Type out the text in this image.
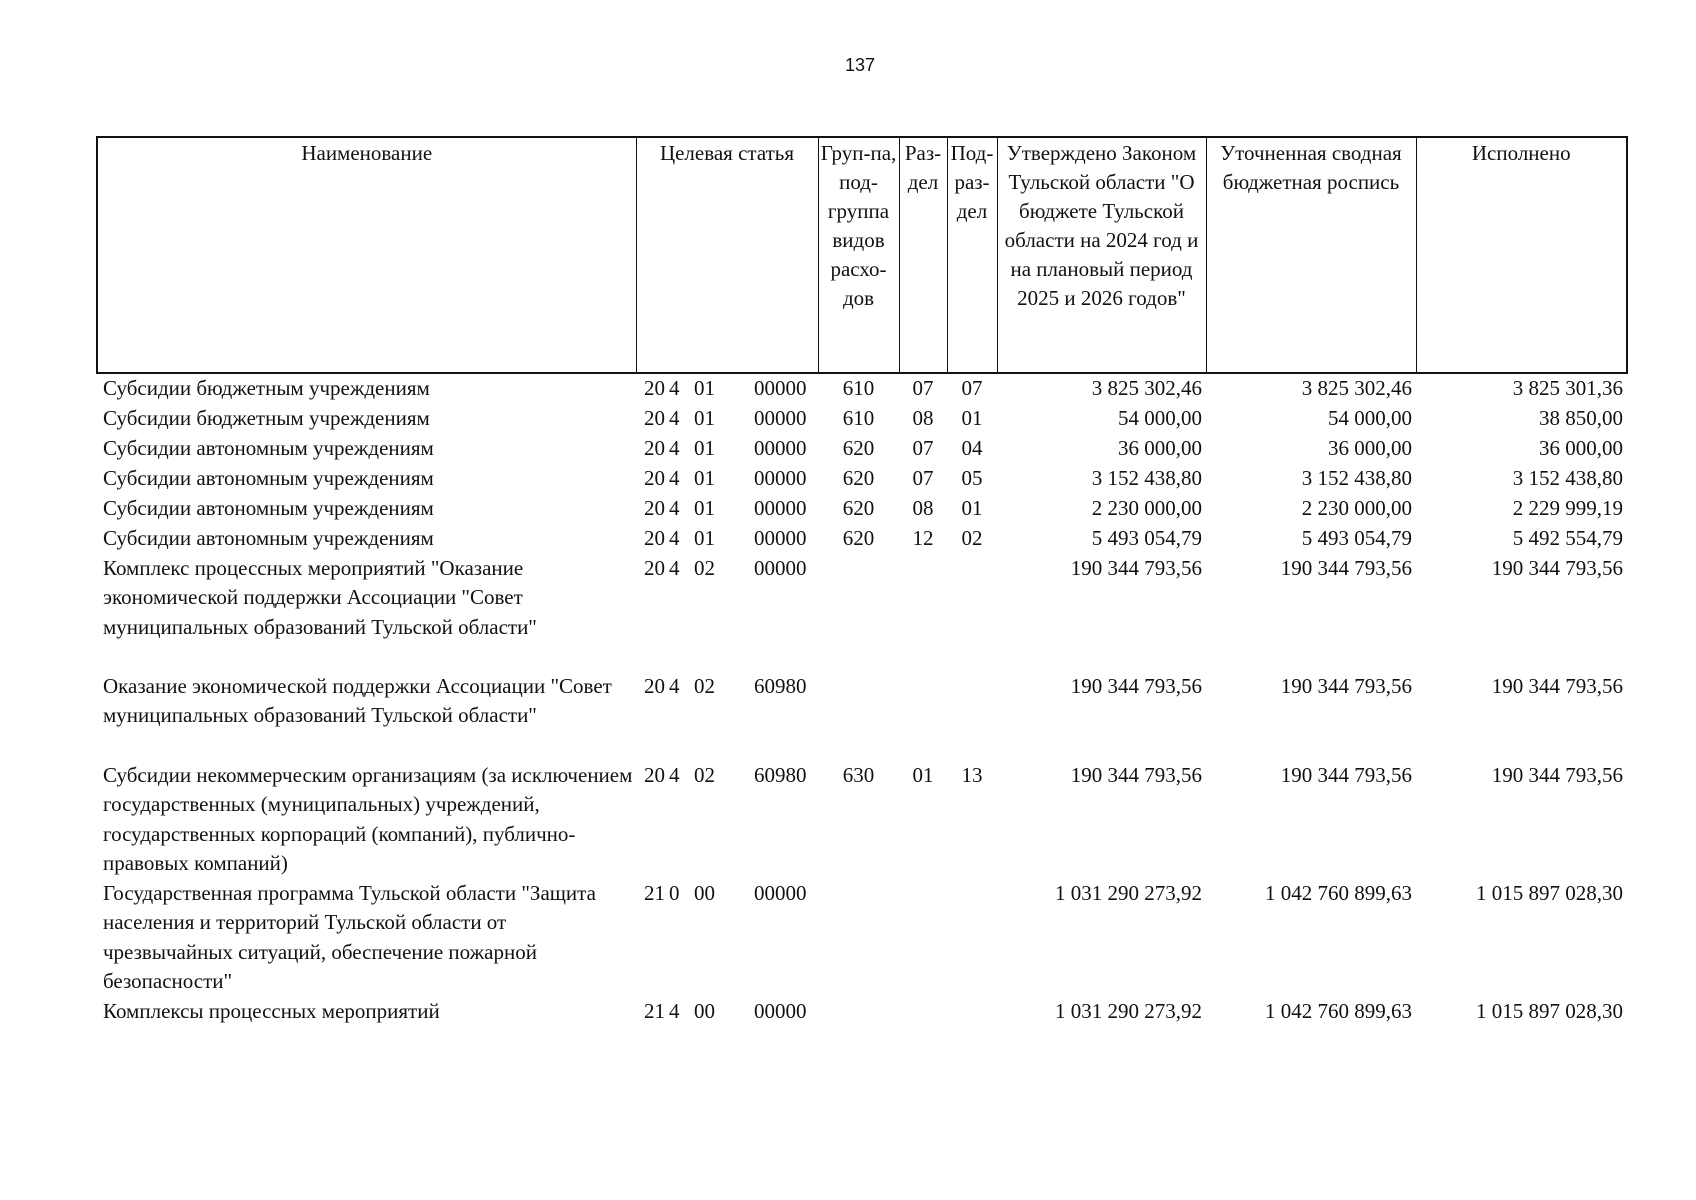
137
Наименование	Целевая статья	Груп-па, под-группа видов расхо-дов	Раз-дел	Под-раз-дел	Утверждено Законом Тульской области "О бюджете Тульской области на 2024 год и на плановый период 2025 и 2026 годов"	Уточненная сводная бюджетная роспись	Исполнено
Субсидии бюджетным учреждениям	20 4 01 00000	610	07	07	3 825 302,46	3 825 302,46	3 825 301,36
Субсидии бюджетным учреждениям	20 4 01 00000	610	08	01	54 000,00	54 000,00	38 850,00
Субсидии автономным учреждениям	20 4 01 00000	620	07	04	36 000,00	36 000,00	36 000,00
Субсидии автономным учреждениям	20 4 01 00000	620	07	05	3 152 438,80	3 152 438,80	3 152 438,80
Субсидии автономным учреждениям	20 4 01 00000	620	08	01	2 230 000,00	2 230 000,00	2 229 999,19
Субсидии автономным учреждениям	20 4 01 00000	620	12	02	5 493 054,79	5 493 054,79	5 492 554,79
Комплекс процессных мероприятий "Оказание экономической поддержки Ассоциации "Совет муниципальных образований Тульской области"	20 4 02 00000				190 344 793,56	190 344 793,56	190 344 793,56
Оказание экономической поддержки Ассоциации "Совет муниципальных образований Тульской области"	20 4 02 60980				190 344 793,56	190 344 793,56	190 344 793,56
Субсидии некоммерческим организациям (за исключением государственных (муниципальных) учреждений, государственных корпораций (компаний), публично-правовых компаний)	20 4 02 60980	630	01	13	190 344 793,56	190 344 793,56	190 344 793,56
Государственная программа Тульской области "Защита населения и территорий Тульской области от чрезвычайных ситуаций, обеспечение пожарной безопасности"	21 0 00 00000				1 031 290 273,92	1 042 760 899,63	1 015 897 028,30
Комплексы процессных мероприятий	21 4 00 00000				1 031 290 273,92	1 042 760 899,63	1 015 897 028,30
